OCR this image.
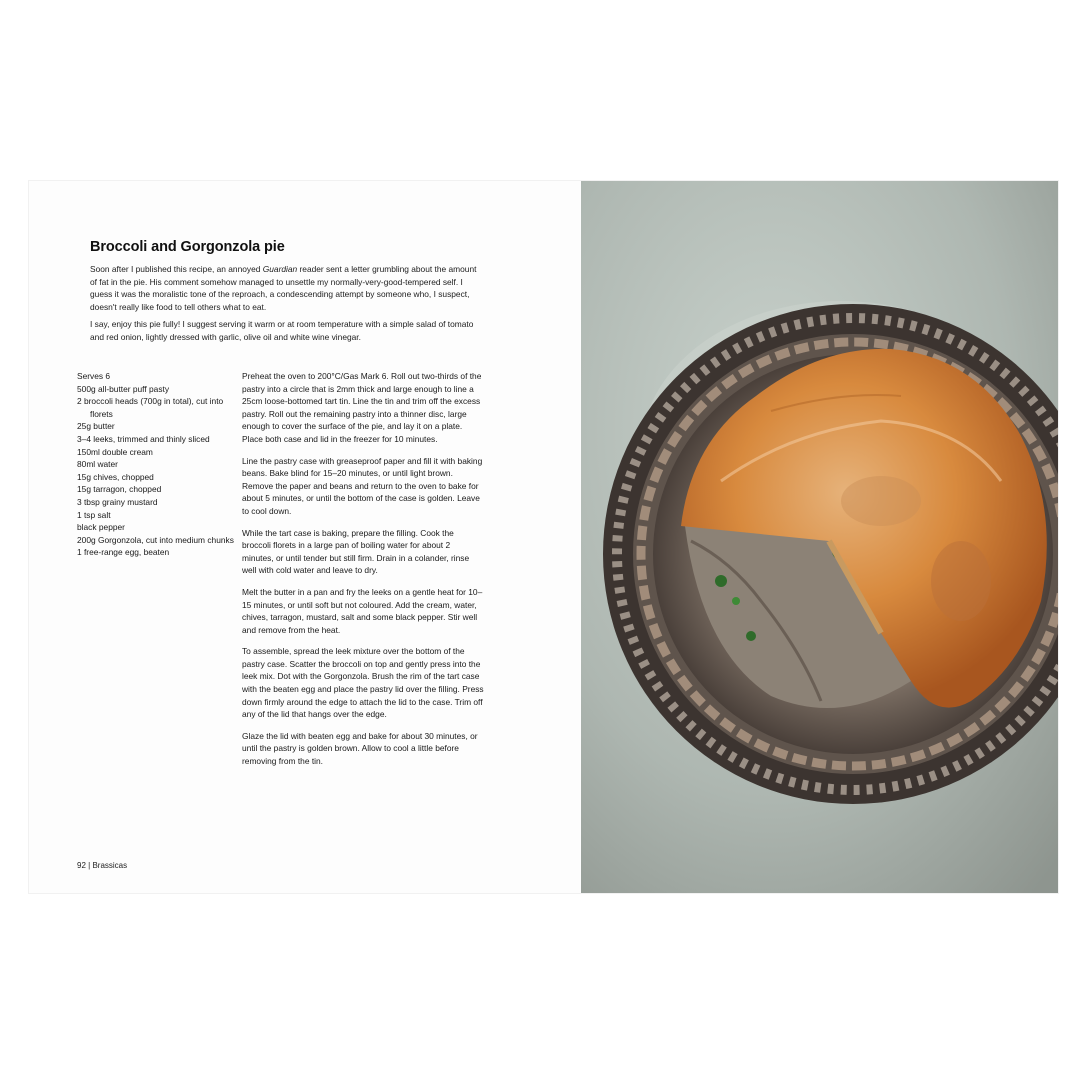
Broccoli and Gorgonzola pie

Soon after I published this recipe, an annoyed Guardian reader sent a letter grumbling about the amount of fat in the pie. His comment somehow managed to unsettle my normally-very-good-tempered self. I guess it was the moralistic tone of the reproach, a condescending attempt by someone who, I suspect, doesn't really like food to tell others what to eat.

I say, enjoy this pie fully! I suggest serving it warm or at room temperature with a simple salad of tomato and red onion, lightly dressed with garlic, olive oil and white wine vinegar.

Serves 6
500g all-butter puff pasty
2 broccoli heads (700g in total), cut into florets
25g butter
3–4 leeks, trimmed and thinly sliced
150ml double cream
80ml water
15g chives, chopped
15g tarragon, chopped
3 tbsp grainy mustard
1 tsp salt
black pepper
200g Gorgonzola, cut into medium chunks
1 free-range egg, beaten

Preheat the oven to 200°C/Gas Mark 6. Roll out two-thirds of the pastry into a circle that is 2mm thick and large enough to line a 25cm loose-bottomed tart tin. Line the tin and trim off the excess pastry. Roll out the remaining pastry into a thinner disc, large enough to cover the surface of the pie, and lay it on a plate. Place both case and lid in the freezer for 10 minutes.

Line the pastry case with greaseproof paper and fill it with baking beans. Bake blind for 15–20 minutes, or until light brown. Remove the paper and beans and return to the oven to bake for about 5 minutes, or until the bottom of the case is golden. Leave to cool down.

While the tart case is baking, prepare the filling. Cook the broccoli florets in a large pan of boiling water for about 2 minutes, or until tender but still firm. Drain in a colander, rinse well with cold water and leave to dry.

Melt the butter in a pan and fry the leeks on a gentle heat for 10–15 minutes, or until soft but not coloured. Add the cream, water, chives, tarragon, mustard, salt and some black pepper. Stir well and remove from the heat.

To assemble, spread the leek mixture over the bottom of the pastry case. Scatter the broccoli on top and gently press into the leek mix. Dot with the Gorgonzola. Brush the rim of the tart case with the beaten egg and place the pastry lid over the filling. Press down firmly around the edge to attach the lid to the case. Trim off any of the lid that hangs over the edge.

Glaze the lid with beaten egg and bake for about 30 minutes, or until the pastry is golden brown. Allow to cool a little before removing from the tin.

92 | Brassicas
